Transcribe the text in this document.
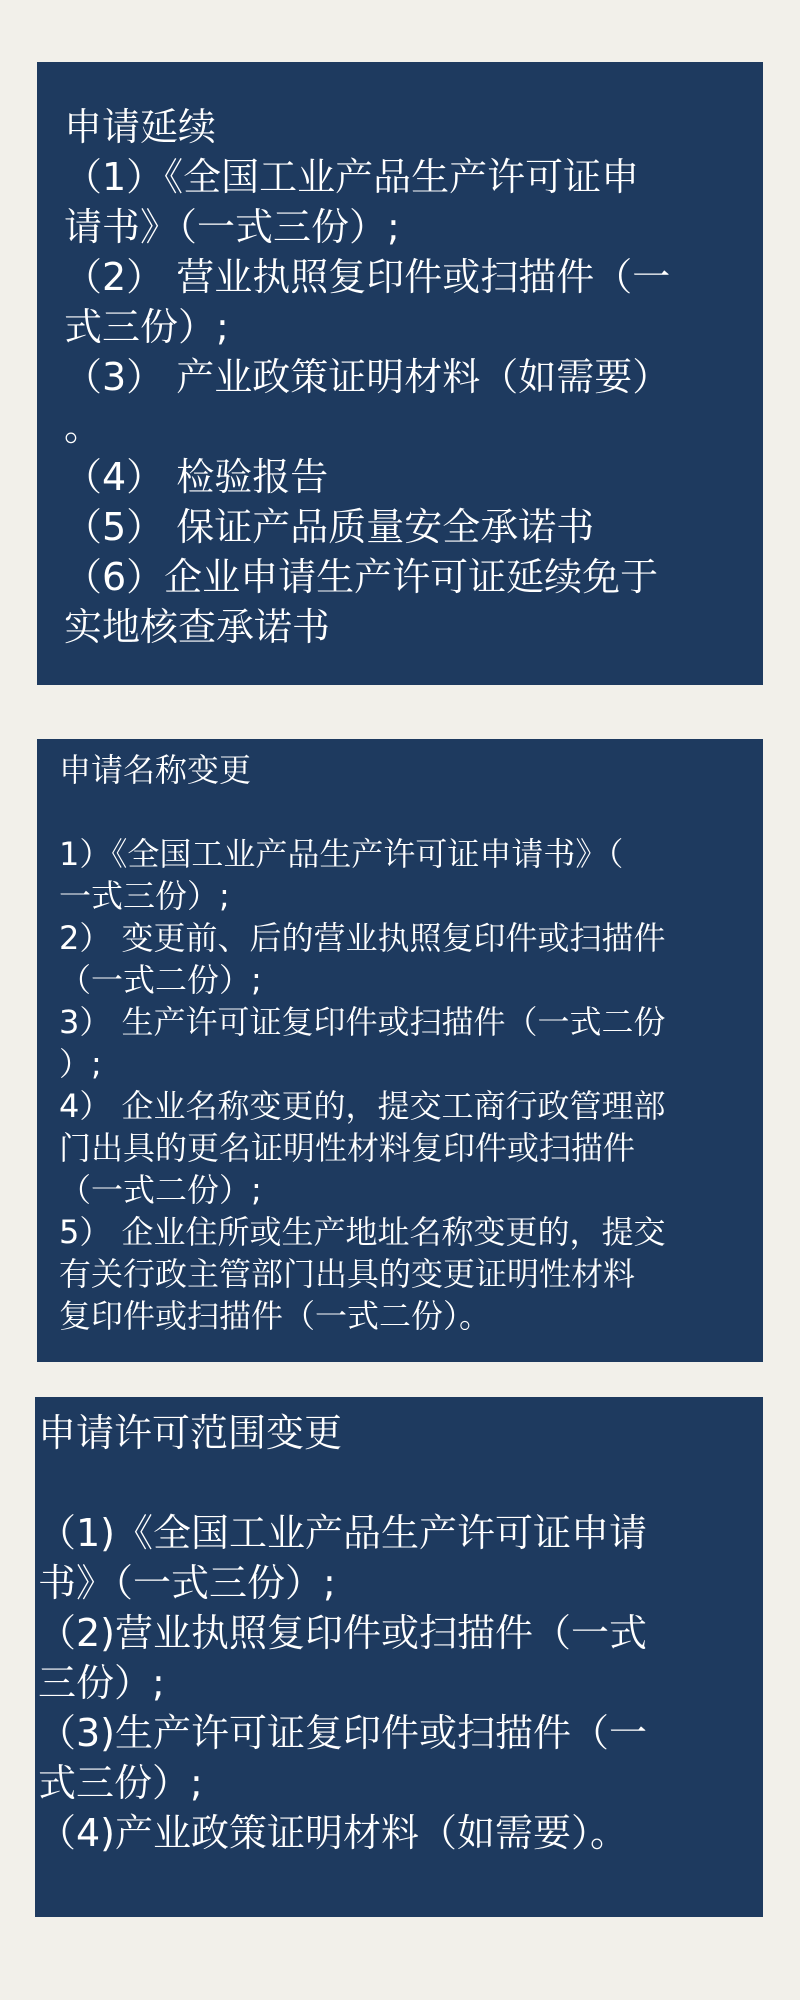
申请延续
（1）《全国工业产品生产许可证申
请书》（一式三份）;
（2） 营业执照复印件或扫描件（一
式三份）;
（3） 产业政策证明材料（如需要）
。
（4） 检验报告
（5） 保证产品质量安全承诺书
（6）企业申请生产许可证延续免于
实地核查承诺书
申请名称变更
1）《全国工业产品生产许可证申请书》（
一式三份）;
2） 变更前、后的营业执照复印件或扫描件
（一式二份）;
3） 生产许可证复印件或扫描件（一式二份
）;
4） 企业名称变更的，提交工商行政管理部
门出具的更名证明性材料复印件或扫描件
（一式二份）;
5） 企业住所或生产地址名称变更的，提交
有关行政主管部门出具的变更证明性材料
复印件或扫描件（一式二份）。
申请许可范围变更
（1)《全国工业产品生产许可证申请
书》（一式三份）;
（2)营业执照复印件或扫描件（一式
三份）;
（3)生产许可证复印件或扫描件（一
式三份）;
（4)产业政策证明材料（如需要）。
